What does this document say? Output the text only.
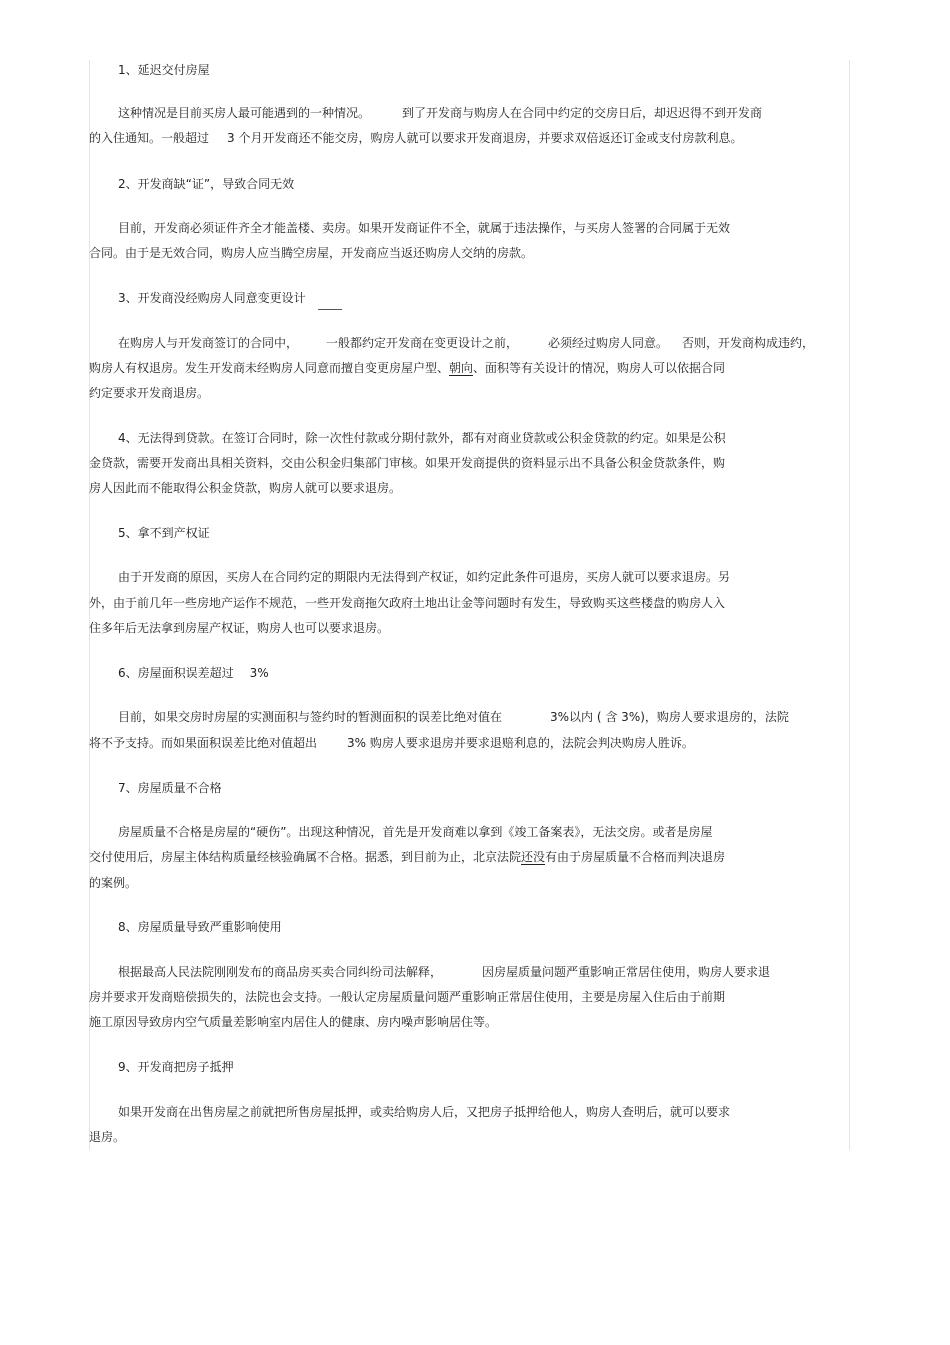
1、延迟交付房屋
这种情况是目前买房人最可能遇到的一种情况。	到了开发商与购房人在合同中约定的交房日后，却迟迟得不到开发商
的入住通知。一般超过 3 个月开发商还不能交房，购房人就可以要求开发商退房，并要求双倍返还订金或支付房款利息。
2、开发商缺“证”，导致合同无效
目前，开发商必须证件齐全才能盖楼、卖房。如果开发商证件不全，就属于违法操作，与买房人签署的合同属于无效
合同。由于是无效合同，购房人应当腾空房屋，开发商应当返还购房人交纳的房款。
3、开发商没经购房人同意变更设计
在购房人与开发商签订的合同中， 一般都约定开发商在变更设计之前，	必须经过购房人同意。 否则，开发商构成违约，
购房人有权退房。发生开发商未经购房人同意而擅自变更房屋户型、朝向、面积等有关设计的情况，购房人可以依据合同
约定要求开发商退房。
4、无法得到贷款。在签订合同时，除一次性付款或分期付款外，都有对商业贷款或公积金贷款的约定。如果是公积
金贷款，需要开发商出具相关资料，交由公积金归集部门审核。如果开发商提供的资料显示出不具备公积金贷款条件，购
房人因此而不能取得公积金贷款，购房人就可以要求退房。
5、拿不到产权证
由于开发商的原因，买房人在合同约定的期限内无法得到产权证，如约定此条件可退房，买房人就可以要求退房。另
外，由于前几年一些房地产运作不规范，一些开发商拖欠政府土地出让金等问题时有发生，导致购买这些楼盘的购房人入
住多年后无法拿到房屋产权证，购房人也可以要求退房。
6、房屋面积误差超过 3%
目前，如果交房时房屋的实测面积与签约时的暂测面积的误差比绝对值在	3%以内 ( 含 3%)，购房人要求退房的，法院
将不予支持。而如果面积误差比绝对值超出	3% 购房人要求退房并要求退赔利息的，法院会判决购房人胜诉。
7、房屋质量不合格
房屋质量不合格是房屋的“硬伤”。出现这种情况，首先是开发商难以拿到《竣工备案表》，无法交房。或者是房屋
交付使用后，房屋主体结构质量经核验确属不合格。据悉，到目前为止，北京法院还没有由于房屋质量不合格而判决退房
的案例。
8、房屋质量导致严重影响使用
根据最高人民法院刚刚发布的商品房买卖合同纠纷司法解释，	因房屋质量问题严重影响正常居住使用，购房人要求退
房并要求开发商赔偿损失的，法院也会支持。一般认定房屋质量问题严重影响正常居住使用，主要是房屋入住后由于前期
施工原因导致房内空气质量差影响室内居住人的健康、房内噪声影响居住等。
9、开发商把房子抵押
如果开发商在出售房屋之前就把所售房屋抵押，或卖给购房人后，又把房子抵押给他人，购房人查明后，就可以要求
退房。
